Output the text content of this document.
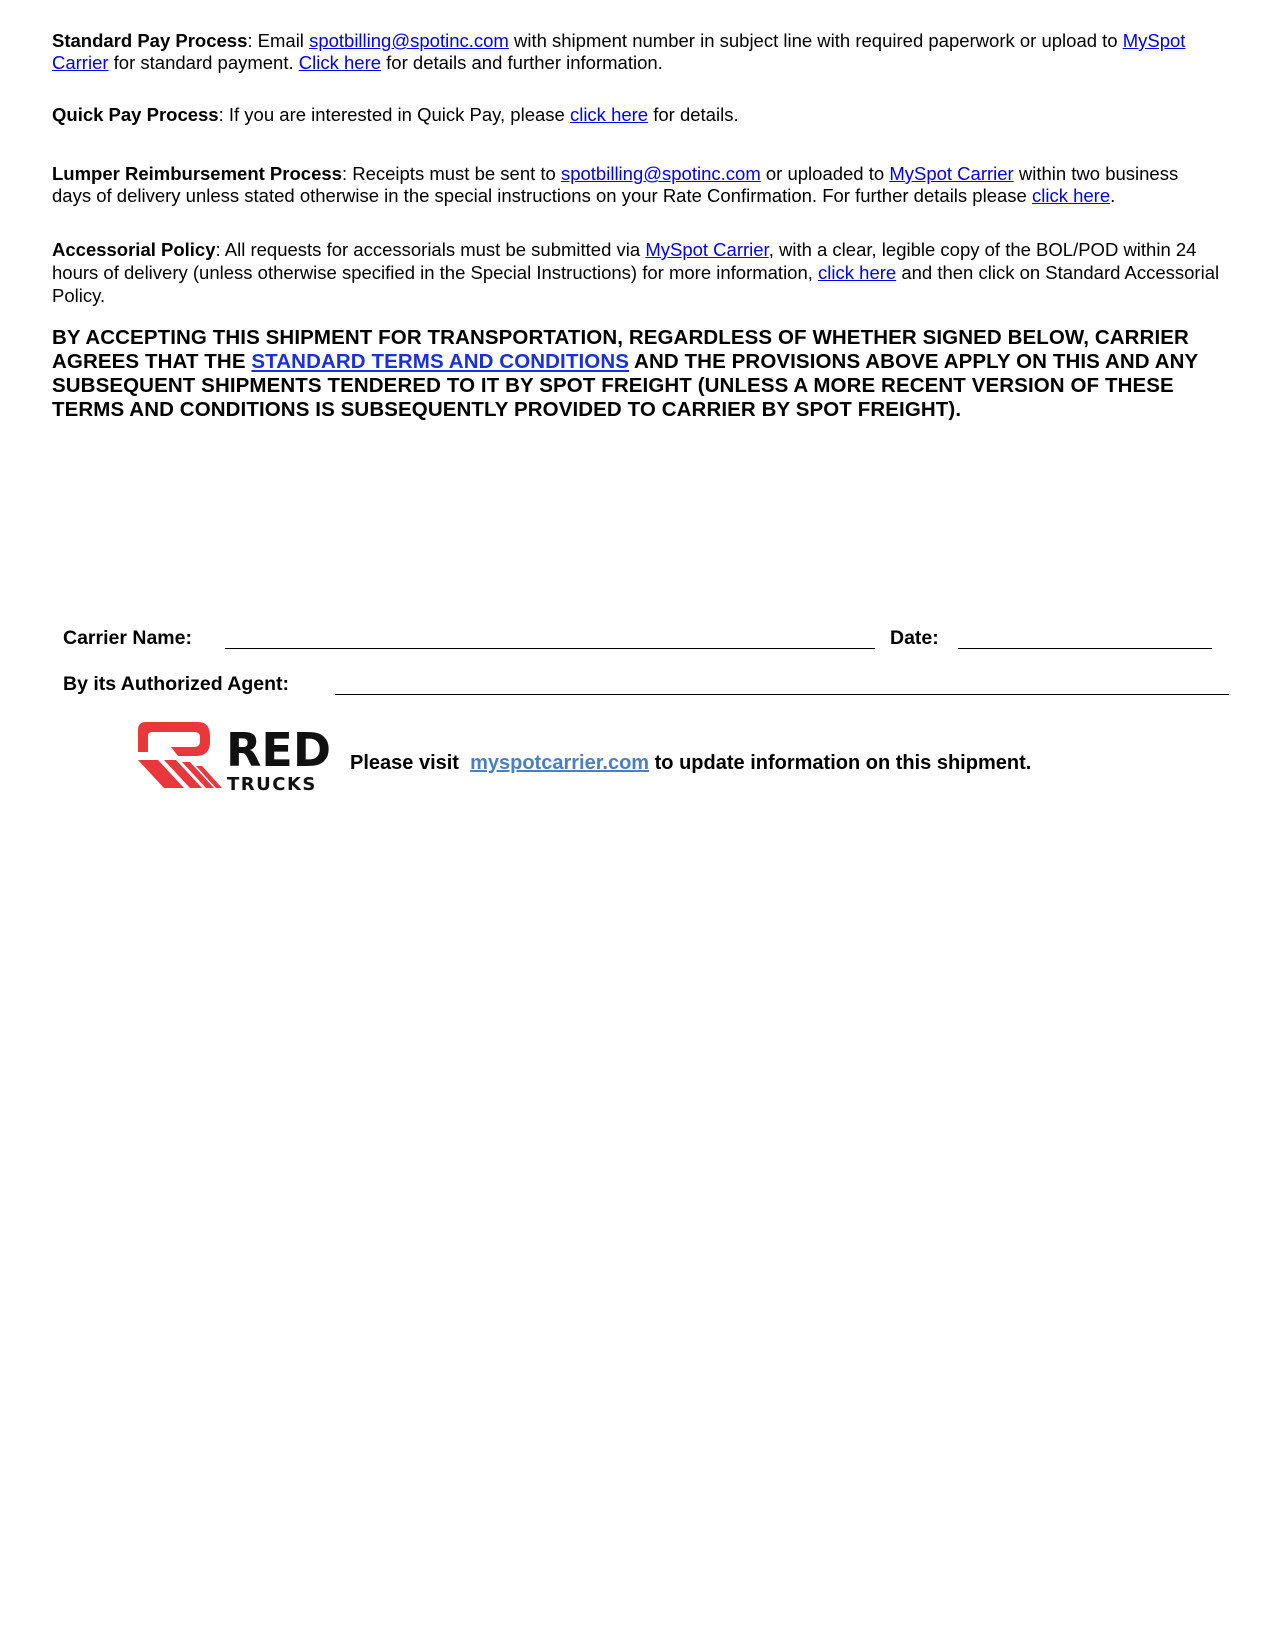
Standard Pay Process: Email spotbilling@spotinc.com with shipment number in subject line with required paperwork or upload to MySpot Carrier for standard payment. Click here for details and further information.
Quick Pay Process: If you are interested in Quick Pay, please click here for details.
Lumper Reimbursement Process: Receipts must be sent to spotbilling@spotinc.com or uploaded to MySpot Carrier within two business days of delivery unless stated otherwise in the special instructions on your Rate Confirmation. For further details please click here.
Accessorial Policy: All requests for accessorials must be submitted via MySpot Carrier, with a clear, legible copy of the BOL/POD within 24 hours of delivery (unless otherwise specified in the Special Instructions) for more information, click here and then click on Standard Accessorial Policy.
BY ACCEPTING THIS SHIPMENT FOR TRANSPORTATION, REGARDLESS OF WHETHER SIGNED BELOW, CARRIER AGREES THAT THE STANDARD TERMS AND CONDITIONS AND THE PROVISIONS ABOVE APPLY ON THIS AND ANY SUBSEQUENT SHIPMENTS TENDERED TO IT BY SPOT FREIGHT (UNLESS A MORE RECENT VERSION OF THESE TERMS AND CONDITIONS IS SUBSEQUENTLY PROVIDED TO CARRIER BY SPOT FREIGHT).
Carrier Name:	Date:
By its Authorized Agent:
RED
TRUCKS
Please visit  myspotcarrier.com to update information on this shipment.
